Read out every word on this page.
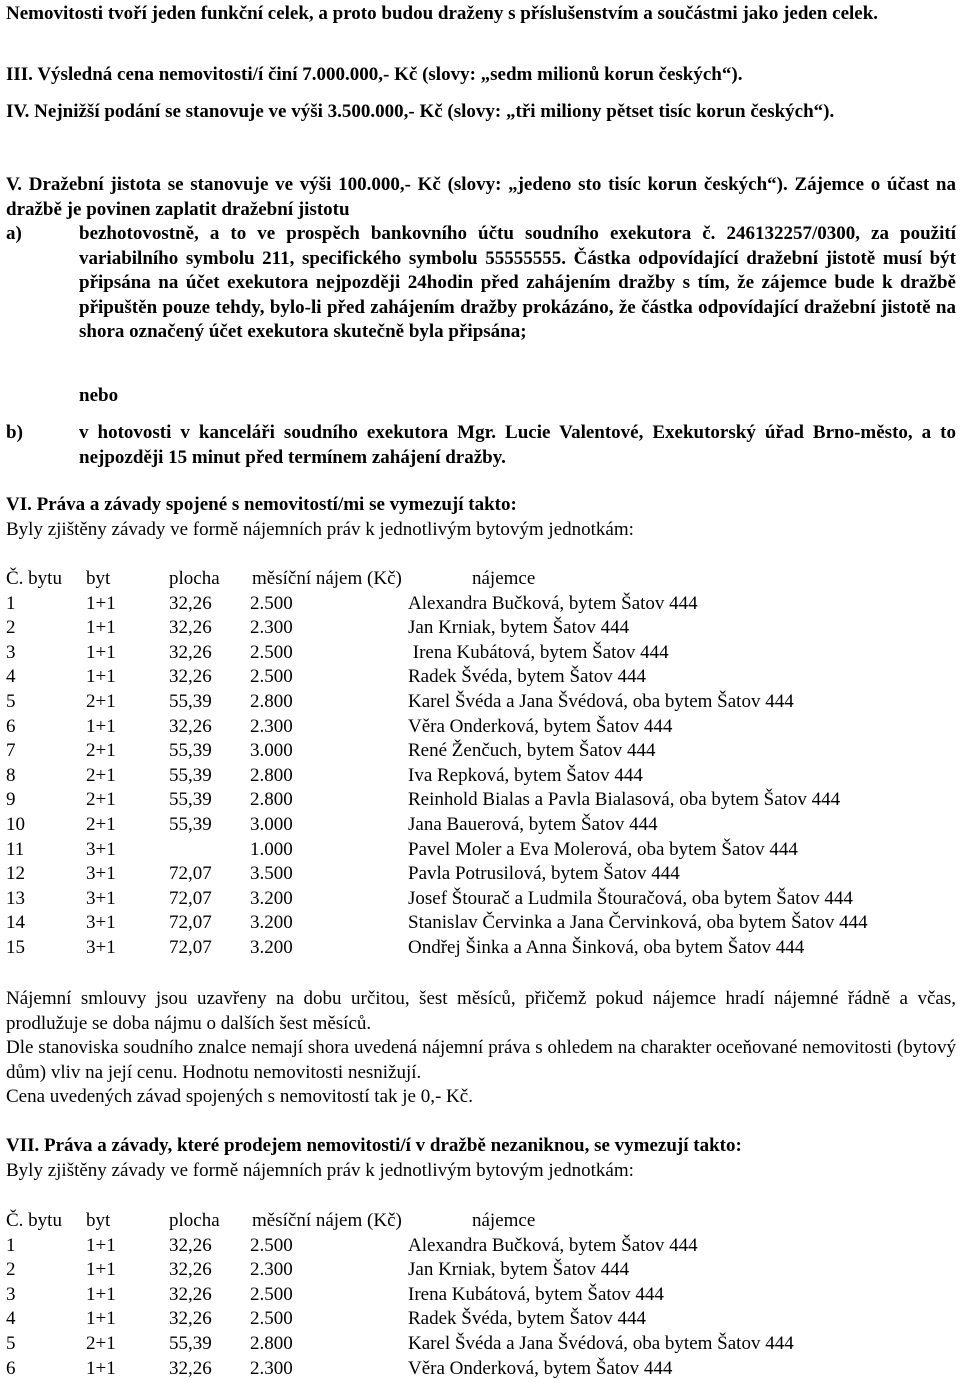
Nemovitosti tvoří jeden funkční celek, a proto budou draženy s příslušenstvím a součástmi jako jeden celek.

III. Výsledná cena nemovitosti/í činí 7.000.000,- Kč (slovy: „sedm milionů korun českých“).

IV. Nejnižší podání se stanovuje ve výši 3.500.000,- Kč (slovy: „tři miliony pětset tisíc korun českých“).

V. Dražební jistota se stanovuje ve výši 100.000,- Kč (slovy: „jedeno sto tisíc korun českých“). Zájemce o účast na dražbě je povinen zaplatit dražební jistotu

a)	bezhotovostně, a to ve prospěch bankovního účtu soudního exekutora č. 246132257/0300, za použití variabilního symbolu 211, specifického symbolu 55555555. Částka odpovídající dražební jistotě musí být připsána na účet exekutora nejpozději 24hodin před zahájením dražby s tím, že zájemce bude k dražbě připuštěn pouze tehdy, bylo-li před zahájením dražby prokázáno, že částka odpovídající dražební jistotě na shora označený účet exekutora skutečně byla připsána;

nebo

b)	v hotovosti v kanceláři soudního exekutora Mgr. Lucie Valentové, Exekutorský úřad Brno-město, a to nejpozději 15 minut před termínem zahájení dražby.

VI. Práva a závady spojené s nemovitostí/mi se vymezují takto:

Byly zjištěny závady ve formě nájemních práv k jednotlivým bytovým jednotkám:

Č. bytu byt	plocha měsíční nájem (Kč)	nájemce
1	1+1	32,26 2.500	Alexandra Bučková, bytem Šatov 444
2	1+1	32,26 2.300	Jan Krniak, bytem Šatov 444
3	1+1	32,26 2.500	Irena Kubátová, bytem Šatov 444
4	1+1	32,26 2.500	Radek Švéda, bytem Šatov 444
5	2+1	55,39 2.800	Karel Švéda a Jana Švédová, oba bytem Šatov 444
6	1+1	32,26 2.300	Věra Onderková, bytem Šatov 444
7	2+1	55,39 3.000	René Ženčuch, bytem Šatov 444
8	2+1	55,39 2.800	Iva Repková, bytem Šatov 444
9	2+1	55,39 2.800	Reinhold Bialas a Pavla Bialasová, oba bytem Šatov 444
10	2+1	55,39 3.000	Jana Bauerová, bytem Šatov 444
11	3+1	1.000	Pavel Moler a Eva Molerová, oba bytem Šatov 444
12	3+1	72,07 3.500	Pavla Potrusilová, bytem Šatov 444
13	3+1	72,07 3.200	Josef Štourač a Ludmila Štouračová, oba bytem Šatov 444
14	3+1	72,07 3.200	Stanislav Červinka a Jana Červinková, oba bytem Šatov 444
15	3+1	72,07 3.200	Ondřej Šinka a Anna Šinková, oba bytem Šatov 444

Nájemní smlouvy jsou uzavřeny na dobu určitou, šest měsíců, přičemž pokud nájemce hradí nájemné řádně a včas, prodlužuje se doba nájmu o dalších šest měsíců.

Dle stanoviska soudního znalce nemají shora uvedená nájemní práva s ohledem na charakter oceňované nemovitosti (bytový dům) vliv na její cenu. Hodnotu nemovitosti nesnižují.

Cena uvedených závad spojených s nemovitostí tak je 0,- Kč.

VII. Práva a závady, které prodejem nemovitosti/í v dražbě nezaniknou, se vymezují takto:

Byly zjištěny závady ve formě nájemních práv k jednotlivým bytovým jednotkám:

Č. bytu byt	plocha měsíční nájem (Kč)	nájemce
1	1+1	32,26 2.500	Alexandra Bučková, bytem Šatov 444
2	1+1	32,26 2.300	Jan Krniak, bytem Šatov 444
3	1+1	32,26 2.500	Irena Kubátová, bytem Šatov 444
4	1+1	32,26 2.500	Radek Švéda, bytem Šatov 444
5	2+1	55,39 2.800	Karel Švéda a Jana Švédová, oba bytem Šatov 444
6	1+1	32,26 2.300	Věra Onderková, bytem Šatov 444
